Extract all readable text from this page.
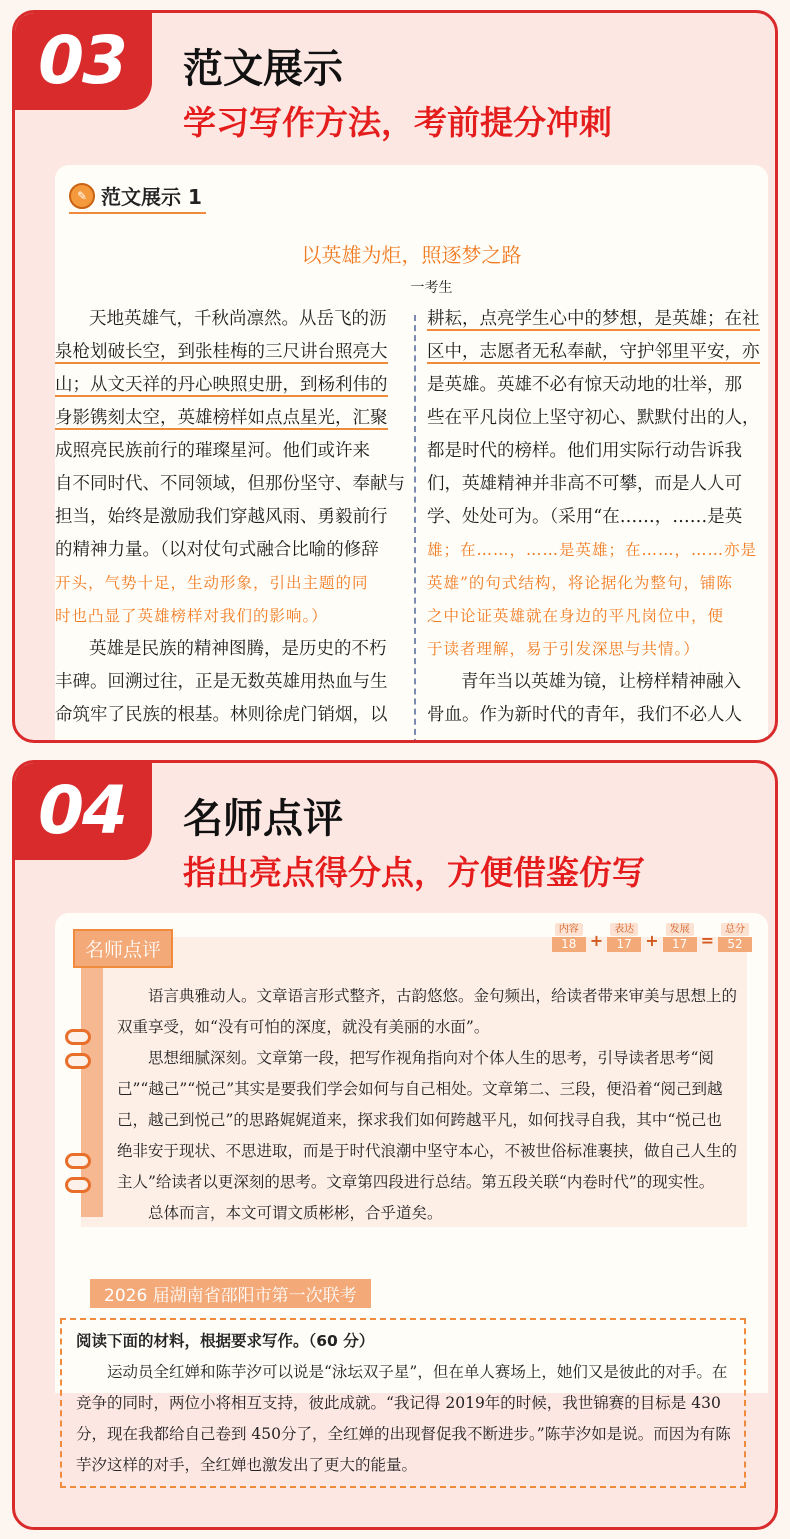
03	范文展示
学习写作方法，考前提分冲刺
✎ 范文展示 1
以英雄为炬，照逐梦之路
一考生
天地英雄气，千秋尚凛然。从岳飞的沥
泉枪划破长空，到张桂梅的三尺讲台照亮大
山；从文天祥的丹心映照史册，到杨利伟的
身影镌刻太空，英雄榜样如点点星光，汇聚
成照亮民族前行的璀璨星河。他们或许来
自不同时代、不同领域，但那份坚守、奉献与
担当，始终是激励我们穿越风雨、勇毅前行
的精神力量。（以对仗句式融合比喻的修辞
开头，气势十足，生动形象，引出主题的同
时也凸显了英雄榜样对我们的影响。）
英雄是民族的精神图腾，是历史的不朽
丰碑。回溯过往，正是无数英雄用热血与生
命筑牢了民族的根基。林则徐虎门销烟，以
耕耘，点亮学生心中的梦想，是英雄；在社
区中，志愿者无私奉献，守护邻里平安，亦
是英雄。英雄不必有惊天动地的壮举，那
些在平凡岗位上坚守初心、默默付出的人，
都是时代的榜样。他们用实际行动告诉我
们，英雄精神并非高不可攀，而是人人可
学、处处可为。（采用“在……，……是英
雄；在……，……是英雄；在……，……亦是
英雄”的句式结构，将论据化为整句，铺陈
之中论证英雄就在身边的平凡岗位中，便
于读者理解，易于引发深思与共情。）
青年当以英雄为镜，让榜样精神融入
骨血。作为新时代的青年，我们不必人人
04	名师点评
指出亮点得分点，方便借鉴仿写
名师点评
内容
18 +
表达
17 +
发展
17 =
总分
52
语言典雅动人。文章语言形式整齐，古韵悠悠。金句频出，给读者带来审美与思想上的双重享受，如“没有可怕的深度，就没有美丽的水面”。
思想细腻深刻。文章第一段，把写作视角指向对个体人生的思考，引导读者思考“阅己”“越己”“悦己”其实是要我们学会如何与自己相处。文章第二、三段，便沿着“阅己到越己，越己到悦己”的思路娓娓道来，探求我们如何跨越平凡，如何找寻自我，其中“悦己也绝非安于现状、不思进取，而是于时代浪潮中坚守本心，不被世俗标准裹挟，做自己人生的主人”给读者以更深刻的思考。文章第四段进行总结。第五段关联“内卷时代”的现实性。
总体而言，本文可谓文质彬彬，合乎道矣。
2026 届湖南省邵阳市第一次联考
阅读下面的材料，根据要求写作。（60 分）
运动员全红婵和陈芋汐可以说是“泳坛双子星”，但在单人赛场上，她们又是彼此的对手。在竞争的同时，两位小将相互支持，彼此成就。“我记得 2019年的时候，我世锦赛的目标是 430 分，现在我都给自己卷到 450分了，全红婵的出现督促我不断进步。”陈芋汐如是说。而因为有陈芋汐这样的对手，全红婵也激发出了更大的能量。
